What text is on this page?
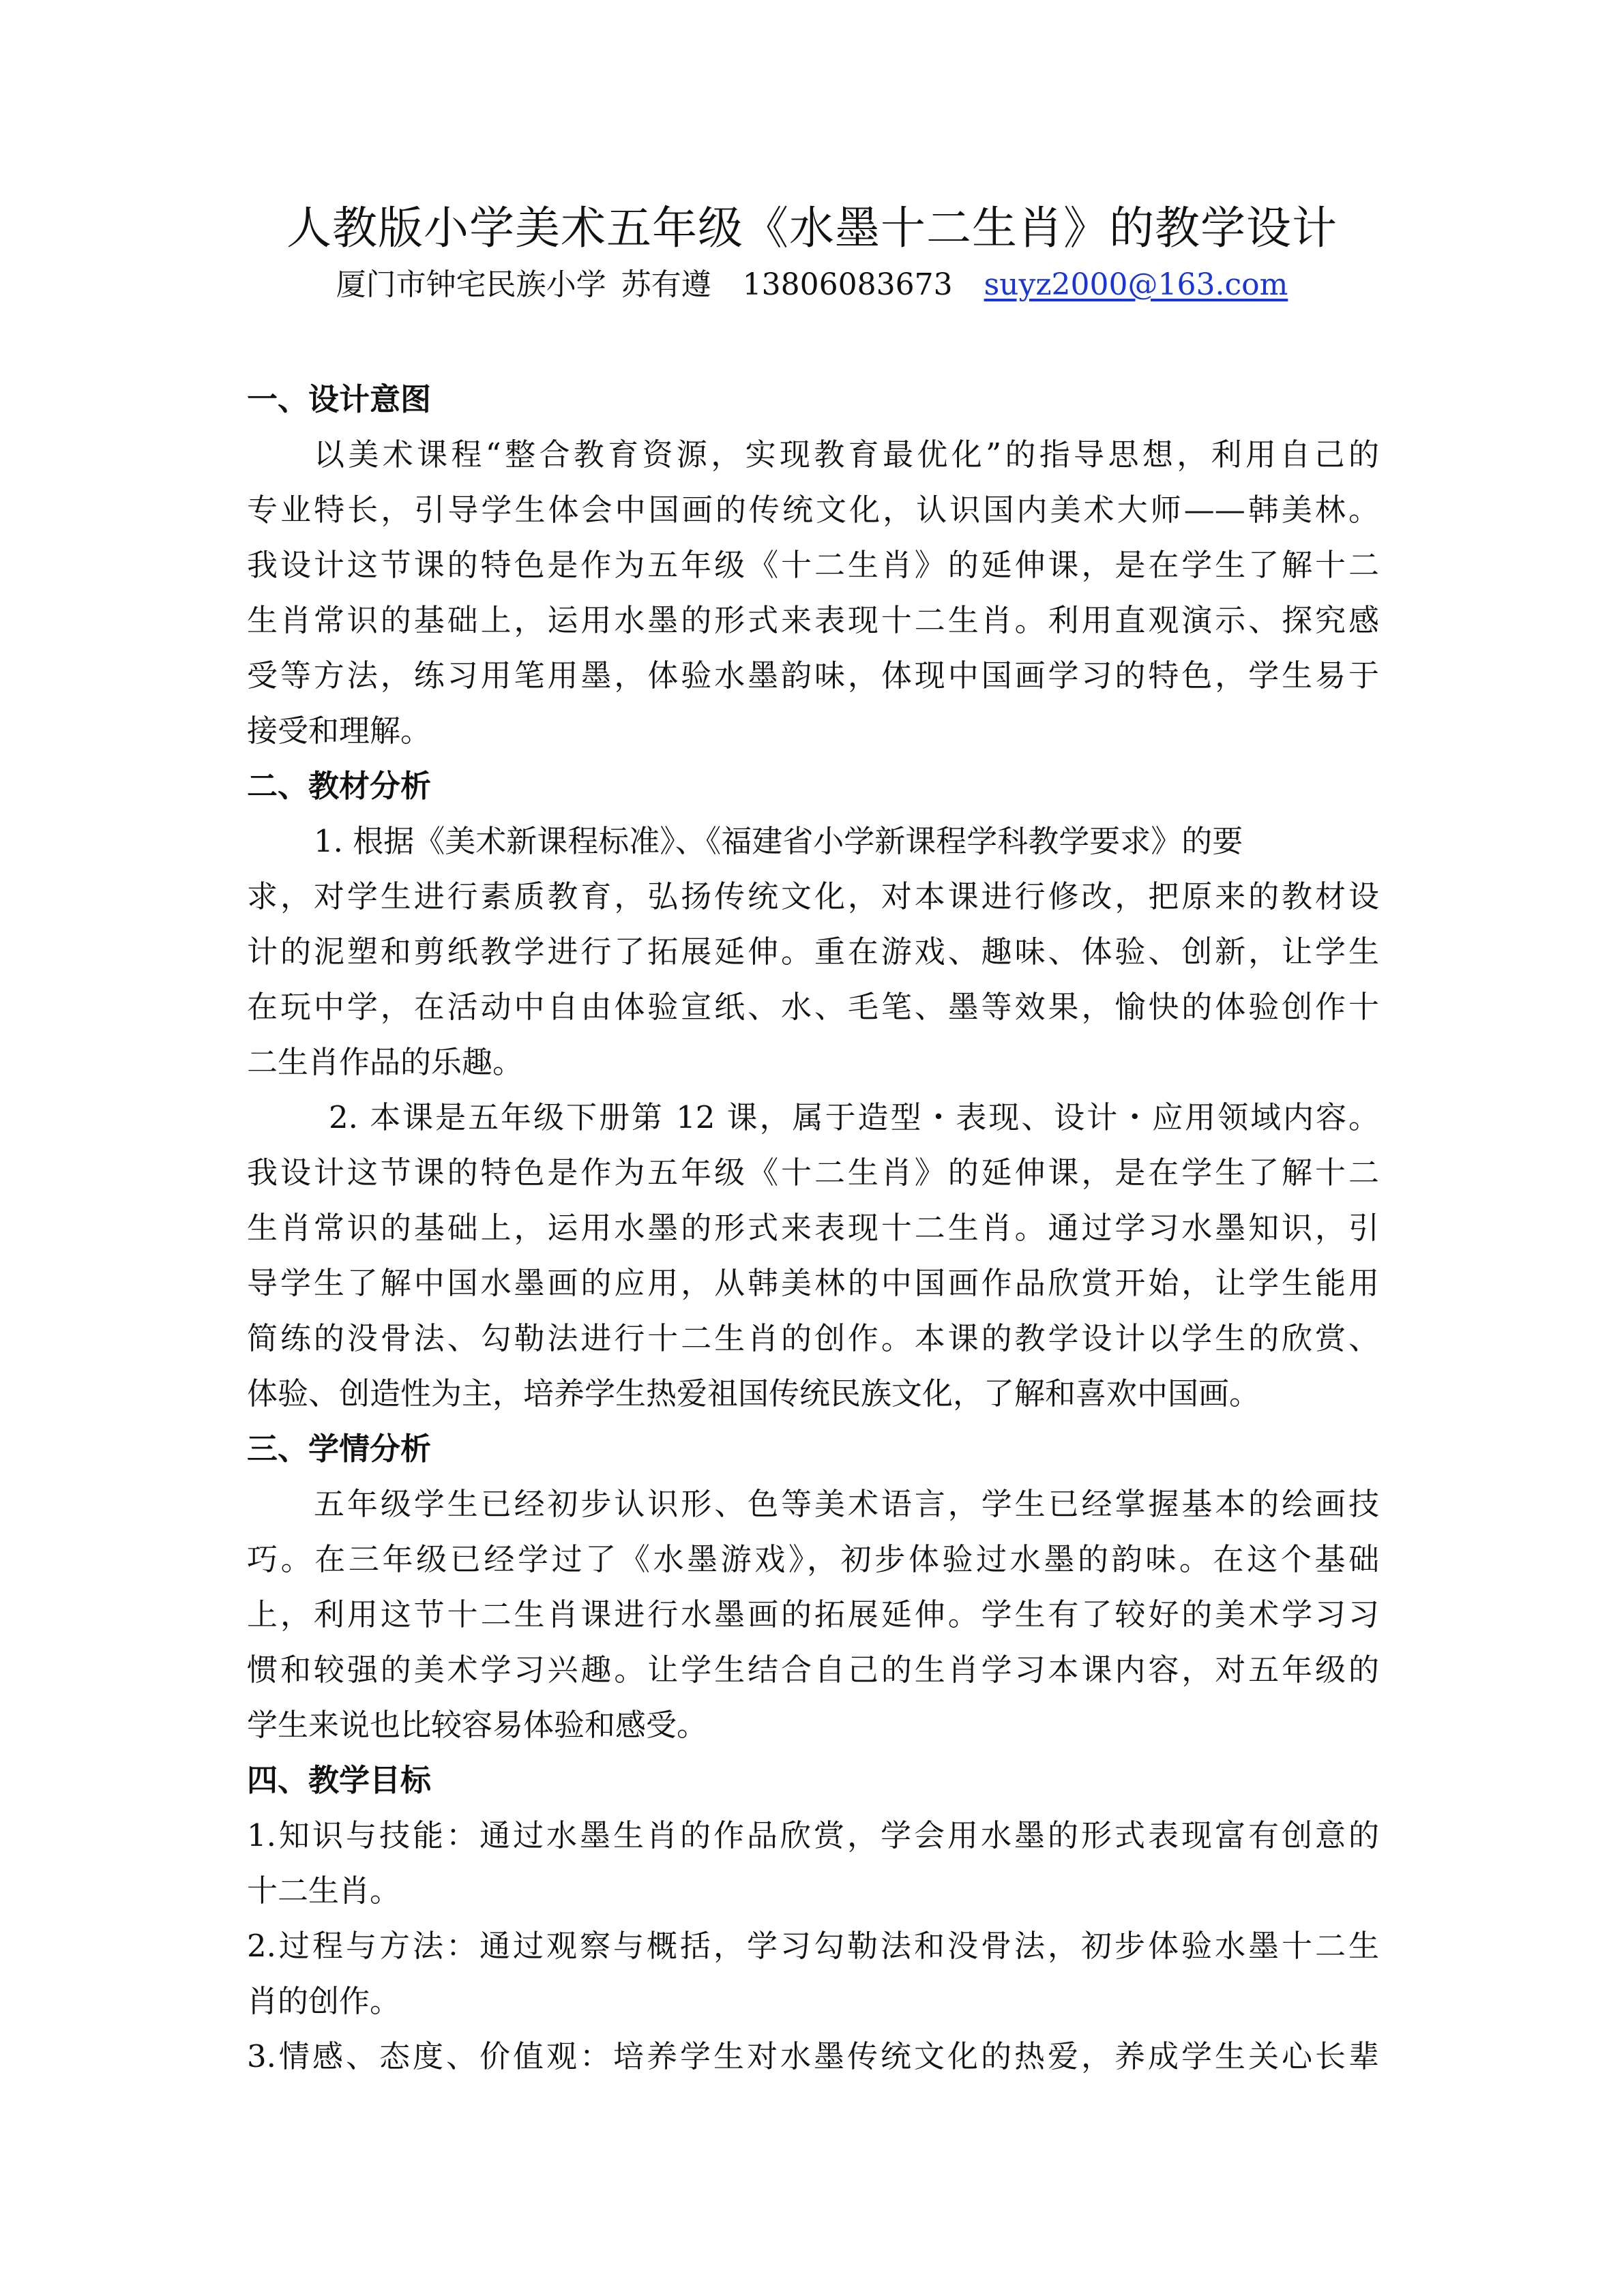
人教版小学美术五年级《水墨十二生肖》的教学设计
厦门市钟宅民族小学 苏有遵 13806083673 suyz2000@163.com
一、设计意图
以美术课程“整合教育资源，实现教育最优化”的指导思想，利用自己的
专业特长，引导学生体会中国画的传统文化，认识国内美术大师——韩美林。
我设计这节课的特色是作为五年级《十二生肖》的延伸课，是在学生了解十二
生肖常识的基础上，运用水墨的形式来表现十二生肖。利用直观演示、探究感
受等方法，练习用笔用墨，体验水墨韵味，体现中国画学习的特色，学生易于
接受和理解。
二、教材分析
1. 根据《美术新课程标准》、《福建省小学新课程学科教学要求》的要
求，对学生进行素质教育，弘扬传统文化，对本课进行修改，把原来的教材设
计的泥塑和剪纸教学进行了拓展延伸。重在游戏、趣味、体验、创新，让学生
在玩中学，在活动中自由体验宣纸、水、毛笔、墨等效果，愉快的体验创作十
二生肖作品的乐趣。
2. 本课是五年级下册第 12 课，属于造型・表现、设计・应用领域内容。
我设计这节课的特色是作为五年级《十二生肖》的延伸课，是在学生了解十二
生肖常识的基础上，运用水墨的形式来表现十二生肖。通过学习水墨知识，引
导学生了解中国水墨画的应用，从韩美林的中国画作品欣赏开始，让学生能用
简练的没骨法、勾勒法进行十二生肖的创作。本课的教学设计以学生的欣赏、
体验、创造性为主，培养学生热爱祖国传统民族文化，了解和喜欢中国画。
三、学情分析
五年级学生已经初步认识形、色等美术语言，学生已经掌握基本的绘画技
巧。在三年级已经学过了《水墨游戏》，初步体验过水墨的韵味。在这个基础
上，利用这节十二生肖课进行水墨画的拓展延伸。学生有了较好的美术学习习
惯和较强的美术学习兴趣。让学生结合自己的生肖学习本课内容，对五年级的
学生来说也比较容易体验和感受。
四、教学目标
1.知识与技能：通过水墨生肖的作品欣赏，学会用水墨的形式表现富有创意的
十二生肖。
2.过程与方法：通过观察与概括，学习勾勒法和没骨法，初步体验水墨十二生
肖的创作。
3.情感、态度、价值观：培养学生对水墨传统文化的热爱，养成学生关心长辈
